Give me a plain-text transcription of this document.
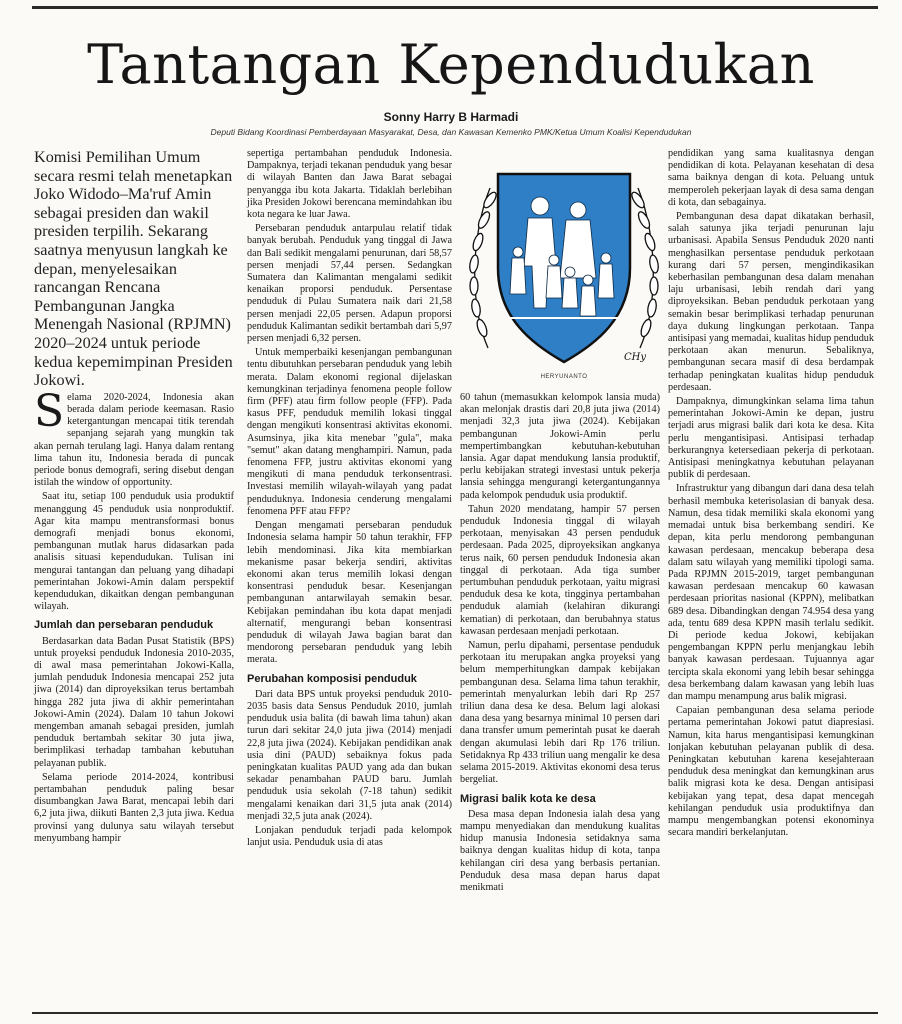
Tantangan Kependudukan
Sonny Harry B Harmadi
Deputi Bidang Koordinasi Pemberdayaan Masyarakat, Desa, dan Kawasan Kemenko PMK/Ketua Umum Koalisi Kependudukan

Komisi Pemilihan Umum secara resmi telah menetapkan Joko Widodo–Ma'ruf Amin sebagai presiden dan wakil presiden terpilih. Sekarang saatnya menyusun langkah ke depan, menyelesaikan rancangan Rencana Pembangunan Jangka Menengah Nasional (RPJMN) 2020–2024 untuk periode kedua kepemimpinan Presiden Jokowi.

Selama 2020-2024, Indonesia akan berada dalam periode keemasan. Rasio ketergantungan mencapai titik terendah sepanjang sejarah yang mungkin tak akan pernah terulang lagi. Hanya dalam rentang lima tahun itu, Indonesia berada di puncak periode bonus demografi, sering disebut dengan istilah the window of opportunity.

Saat itu, setiap 100 penduduk usia produktif menanggung 45 penduduk usia nonproduktif. Agar kita mampu mentransformasi bonus demografi menjadi bonus ekonomi, pembangunan mutlak harus didasarkan pada analisis situasi kependudukan. Tulisan ini mengurai tantangan dan peluang yang dihadapi pemerintahan Jokowi-Amin dalam perspektif kependudukan, dikaitkan dengan pembangunan wilayah.

Jumlah dan persebaran penduduk

Berdasarkan data Badan Pusat Statistik (BPS) untuk proyeksi penduduk Indonesia 2010-2035, di awal masa pemerintahan Jokowi-Kalla, jumlah penduduk Indonesia mencapai 252 juta jiwa (2014) dan diproyeksikan terus bertambah hingga 282 juta jiwa di akhir pemerintahan Jokowi-Amin (2024). Dalam 10 tahun Jokowi mengemban amanah sebagai presiden, jumlah penduduk bertambah sekitar 30 juta jiwa, berimplikasi terhadap tambahan kebutuhan pelayanan publik.

Selama periode 2014-2024, kontribusi pertambahan penduduk paling besar disumbangkan Jawa Barat, mencapai lebih dari 6,2 juta jiwa, diikuti Banten 2,3 juta jiwa. Kedua provinsi yang dulunya satu wilayah tersebut menyumbang hampir

sepertiga pertambahan penduduk Indonesia. Dampaknya, terjadi tekanan penduduk yang besar di wilayah Banten dan Jawa Barat sebagai penyangga ibu kota Jakarta. Tidaklah berlebihan jika Presiden Jokowi berencana memindahkan ibu kota negara ke luar Jawa.

Persebaran penduduk antarpulau relatif tidak banyak berubah. Penduduk yang tinggal di Jawa dan Bali sedikit mengalami penurunan, dari 58,57 persen menjadi 57,44 persen. Sedangkan Sumatera dan Kalimantan mengalami sedikit kenaikan proporsi penduduk. Persentase penduduk di Pulau Sumatera naik dari 21,58 persen menjadi 22,05 persen. Adapun proporsi penduduk Kalimantan sedikit bertambah dari 5,97 persen menjadi 6,32 persen.

Untuk memperbaiki kesenjangan pembangunan tentu dibutuhkan persebaran penduduk yang lebih merata. Dalam ekonomi regional dijelaskan kemungkinan terjadinya fenomena people follow firm (PFF) atau firm follow people (FFP). Pada kasus PFF, penduduk memilih lokasi tinggal dengan mengikuti konsentrasi aktivitas ekonomi. Asumsinya, jika kita menebar "gula", maka "semut" akan datang menghampiri. Namun, pada fenomena FFP, justru aktivitas ekonomi yang mengikuti di mana penduduk terkonsentrasi. Investasi memilih wilayah-wilayah yang padat penduduknya. Indonesia cenderung mengalami fenomena PFF atau FFP?

Dengan mengamati persebaran penduduk Indonesia selama hampir 50 tahun terakhir, FFP lebih mendominasi. Jika kita membiarkan mekanisme pasar bekerja sendiri, aktivitas ekonomi akan terus memilih lokasi dengan konsentrasi penduduk besar. Kesenjangan pembangunan antarwilayah semakin besar. Kebijakan pemindahan ibu kota dapat menjadi alternatif, mengurangi beban konsentrasi penduduk di wilayah Jawa bagian barat dan mendorong persebaran penduduk yang lebih merata.

Perubahan komposisi penduduk

Dari data BPS untuk proyeksi penduduk 2010-2035 basis data Sensus Penduduk 2010, jumlah penduduk usia balita (di bawah lima tahun) akan turun dari sekitar 24,0 juta jiwa (2014) menjadi 22,8 juta jiwa (2024). Kebijakan pendidikan anak usia dini (PAUD) sebaiknya fokus pada peningkatan kualitas PAUD yang ada dan bukan sekadar penambahan PAUD baru. Jumlah penduduk usia sekolah (7-18 tahun) sedikit mengalami kenaikan dari 31,5 juta anak (2014) menjadi 32,5 juta anak (2024).

Lonjakan penduduk terjadi pada kelompok lanjut usia. Penduduk usia di atas

CHy
HERYUNANTO

60 tahun (memasukkan kelompok lansia muda) akan melonjak drastis dari 20,8 juta jiwa (2014) menjadi 32,3 juta jiwa (2024). Kebijakan pembangunan Jokowi-Amin perlu mempertimbangkan kebutuhan-kebutuhan lansia. Agar dapat mendukung lansia produktif, perlu kebijakan strategi investasi untuk pekerja lansia sehingga mengurangi ketergantungannya pada kelompok penduduk usia produktif.

Tahun 2020 mendatang, hampir 57 persen penduduk Indonesia tinggal di wilayah perkotaan, menyisakan 43 persen penduduk perdesaan. Pada 2025, diproyeksikan angkanya terus naik, 60 persen penduduk Indonesia akan tinggal di perkotaan. Ada tiga sumber pertumbuhan penduduk perkotaan, yaitu migrasi penduduk desa ke kota, tingginya pertambahan penduduk alamiah (kelahiran dikurangi kematian) di perkotaan, dan berubahnya status kawasan perdesaan menjadi perkotaan.

Namun, perlu dipahami, persentase penduduk perkotaan itu merupakan angka proyeksi yang belum memperhitungkan dampak kebijakan pembangunan desa. Selama lima tahun terakhir, pemerintah menyalurkan lebih dari Rp 257 triliun dana desa ke desa. Belum lagi alokasi dana desa yang besarnya minimal 10 persen dari dana transfer umum pemerintah pusat ke daerah dengan akumulasi lebih dari Rp 176 triliun. Setidaknya Rp 433 triliun uang mengalir ke desa selama 2015-2019. Aktivitas ekonomi desa terus bergeliat.

Migrasi balik kota ke desa

Desa masa depan Indonesia ialah desa yang mampu menyediakan dan mendukung kualitas hidup manusia Indonesia setidaknya sama baiknya dengan kualitas hidup di kota, tanpa kehilangan ciri desa yang berbasis pertanian. Penduduk desa masa depan harus dapat menikmati

pendidikan yang sama kualitasnya dengan pendidikan di kota. Pelayanan kesehatan di desa sama baiknya dengan di kota. Peluang untuk memperoleh pekerjaan layak di desa sama dengan di kota, dan sebagainya.

Pembangunan desa dapat dikatakan berhasil, salah satunya jika terjadi penurunan laju urbanisasi. Apabila Sensus Penduduk 2020 nanti menghasilkan persentase penduduk perkotaan kurang dari 57 persen, mengindikasikan keberhasilan pembangunan desa dalam menahan laju urbanisasi, lebih rendah dari yang diproyeksikan. Beban penduduk perkotaan yang semakin besar berimplikasi terhadap penurunan daya dukung lingkungan perkotaan. Tanpa antisipasi yang memadai, kualitas hidup penduduk perkotaan akan menurun. Sebaliknya, pembangunan secara masif di desa berdampak terhadap peningkatan kualitas hidup penduduk perdesaan.

Dampaknya, dimungkinkan selama lima tahun pemerintahan Jokowi-Amin ke depan, justru terjadi arus migrasi balik dari kota ke desa. Kita perlu mengantisipasi. Antisipasi terhadap berkurangnya ketersediaan pekerja di perkotaan. Antisipasi meningkatnya kebutuhan pelayanan publik di perdesaan.

Infrastruktur yang dibangun dari dana desa telah berhasil membuka keterisolasian di banyak desa. Namun, desa tidak memiliki skala ekonomi yang memadai untuk bisa berkembang sendiri. Ke depan, kita perlu mendorong pembangunan kawasan perdesaan, mencakup beberapa desa dalam satu wilayah yang memiliki tipologi sama. Pada RPJMN 2015-2019, target pembangunan kawasan perdesaan mencakup 60 kawasan perdesaan prioritas nasional (KPPN), melibatkan 689 desa. Dibandingkan dengan 74.954 desa yang ada, tentu 689 desa KPPN masih terlalu sedikit. Di periode kedua Jokowi, kebijakan pengembangan KPPN perlu menjangkau lebih banyak kawasan perdesaan. Tujuannya agar tercipta skala ekonomi yang lebih besar sehingga desa berkembang dalam kawasan yang lebih luas dan mampu menampung arus balik migrasi.

Capaian pembangunan desa selama periode pertama pemerintahan Jokowi patut diapresiasi. Namun, kita harus mengantisipasi kemungkinan lonjakan kebutuhan pelayanan publik di desa. Peningkatan kebutuhan karena kesejahteraan penduduk desa meningkat dan kemungkinan arus balik migrasi kota ke desa. Dengan antisipasi kebijakan yang tepat, desa dapat mencegah kehilangan penduduk usia produktifnya dan mampu mengembangkan potensi ekonominya secara mandiri berkelanjutan.
